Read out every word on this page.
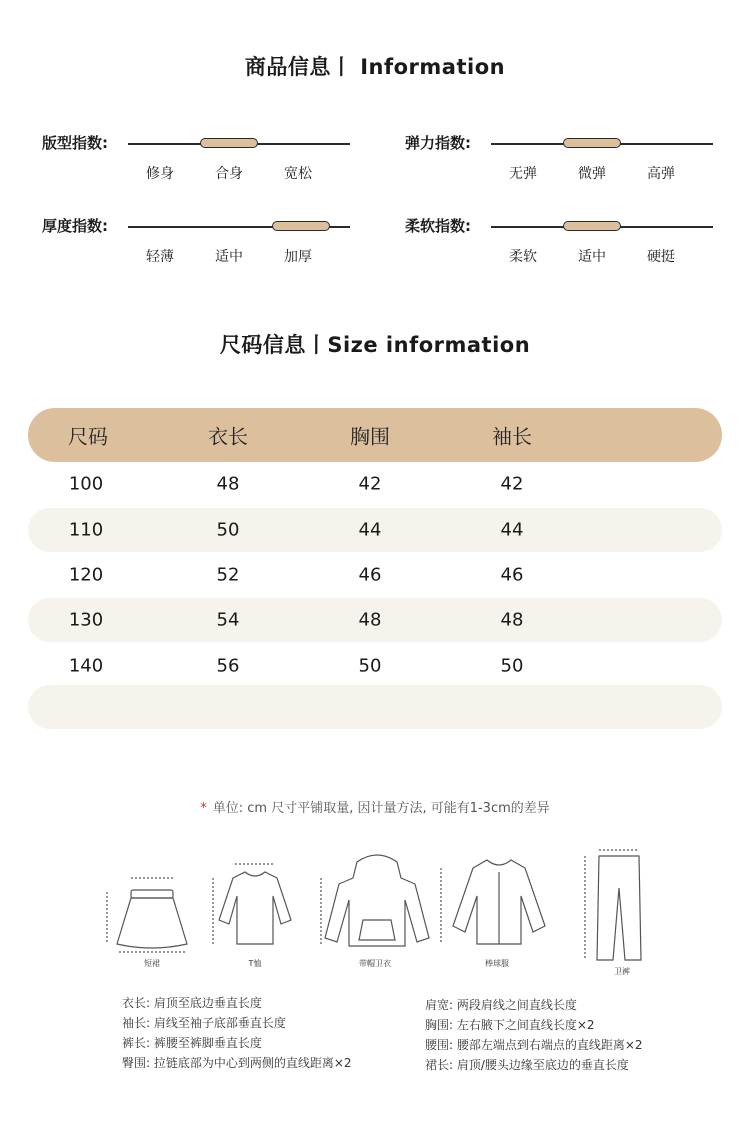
商品信息丨 Information
版型指数:
修身	合身	宽松
弹力指数:
无弹	微弹	高弹
厚度指数:
轻薄	适中	加厚
柔软指数:
柔软	适中	硬挺
尺码信息丨Size information
尺码	衣长	胸围	袖长
100	48	42	42
110	50	44	44
120	52	46	46
130	54	48	48
140	56	50	50
* 单位: cm 尺寸平铺取量, 因计量方法, 可能有1-3cm的差异
短裙	T恤	带帽卫衣	棒球服
卫裤
衣长: 肩顶至底边垂直长度
袖长: 肩线至袖子底部垂直长度
裤长: 裤腰至裤脚垂直长度
臀围: 拉链底部为中心到两侧的直线距离×2
肩宽: 两段肩线之间直线长度
胸围: 左右腋下之间直线长度×2
腰围: 腰部左端点到右端点的直线距离×2
裙长: 肩顶/腰头边缘至底边的垂直长度
